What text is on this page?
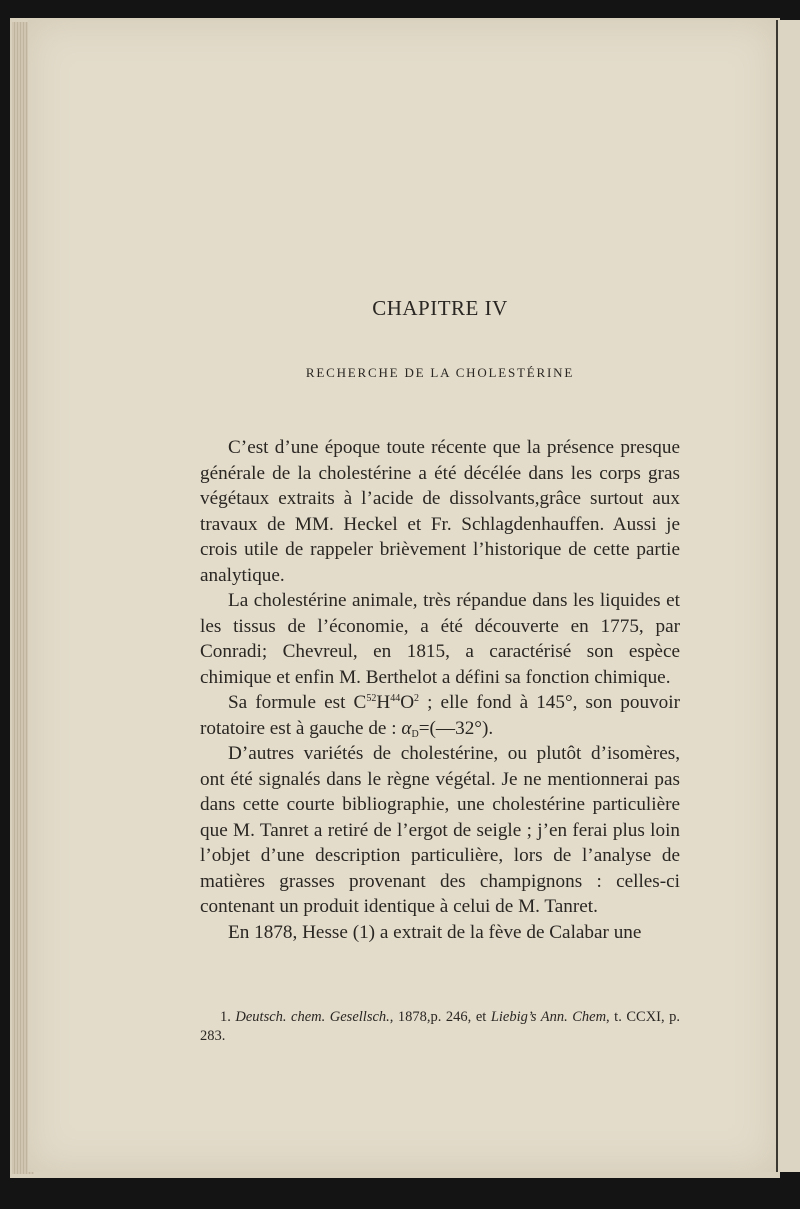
CHAPITRE IV
RECHERCHE DE LA CHOLESTÉRINE

C’est d’une époque toute récente que la présence presque générale de la cholestérine a été décélée dans les corps gras végétaux extraits à l’acide de dissolvants,grâce surtout aux travaux de MM. Heckel et Fr. Schlagdenhauffen. Aussi je crois utile de rappeler brièvement l’historique de cette partie analytique.

La cholestérine animale, très répandue dans les liquides et les tissus de l’économie, a été découverte en 1775, par Conradi; Chevreul, en 1815, a caractérisé son espèce chimique et enfin M. Berthelot a défini sa fonction chimique.

Sa formule est $C^{52}H^{44}O^2$ ; elle fond à 145°, son pouvoir rotatoire est à gauche de : $\alpha_D=(—32^\circ)$.

D’autres variétés de cholestérine, ou plutôt d’isomères, ont été signalés dans le règne végétal. Je ne mentionnerai pas dans cette courte bibliographie, une cholestérine particulière que M. Tanret a retiré de l’ergot de seigle ; j’en ferai plus loin l’objet d’une description particulière, lors de l’analyse de matières grasses provenant des champignons : celles-ci contenant un produit identique à celui de M. Tanret.

En 1878, Hesse (1) a extrait de la fève de Calabar une

1. Deutsch. chem. Gesellsch., 1878,p. 246, et Liebig’s Ann. Chem, t. CCXI, p. 283.
